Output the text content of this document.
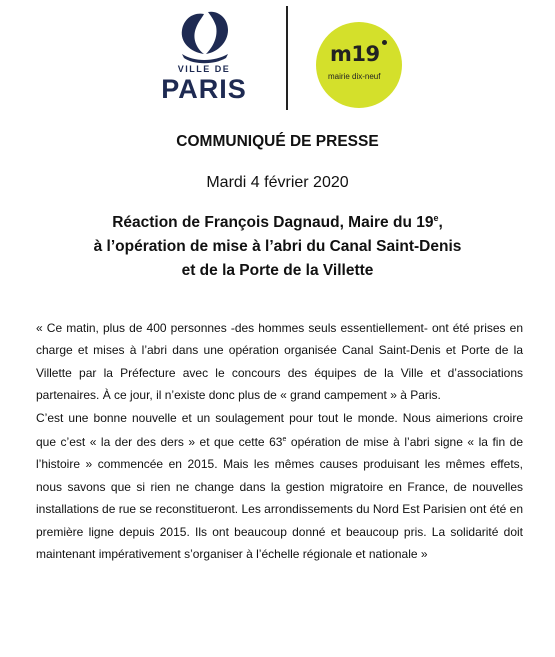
VILLE DE
PARIS
m19
mairie dix-neuf
COMMUNIQUÉ DE PRESSE
Mardi 4 février 2020
Réaction de François Dagnaud, Maire du 19e,
à l’opération de mise à l’abri du Canal Saint-Denis
et de la Porte de la Villette

« Ce matin, plus de 400 personnes -des hommes seuls essentiellement- ont été prises en charge et mises à l’abri dans une opération organisée Canal Saint-Denis et Porte de la Villette par la Préfecture avec le concours des équipes de la Ville et d’associations partenaires. À ce jour, il n’existe donc plus de « grand campement » à Paris.

C’est une bonne nouvelle et un soulagement pour tout le monde. Nous aimerions croire que c’est « la der des ders » et que cette 63e opération de mise à l’abri signe « la fin de l’histoire » commencée en 2015. Mais les mêmes causes produisant les mêmes effets, nous savons que si rien ne change dans la gestion migratoire en France, de nouvelles installations de rue se reconstitueront. Les arrondissements du Nord Est Parisien ont été en première ligne depuis 2015. Ils ont beaucoup donné et beaucoup pris. La solidarité doit maintenant impérativement s’organiser à l’échelle régionale et nationale »
